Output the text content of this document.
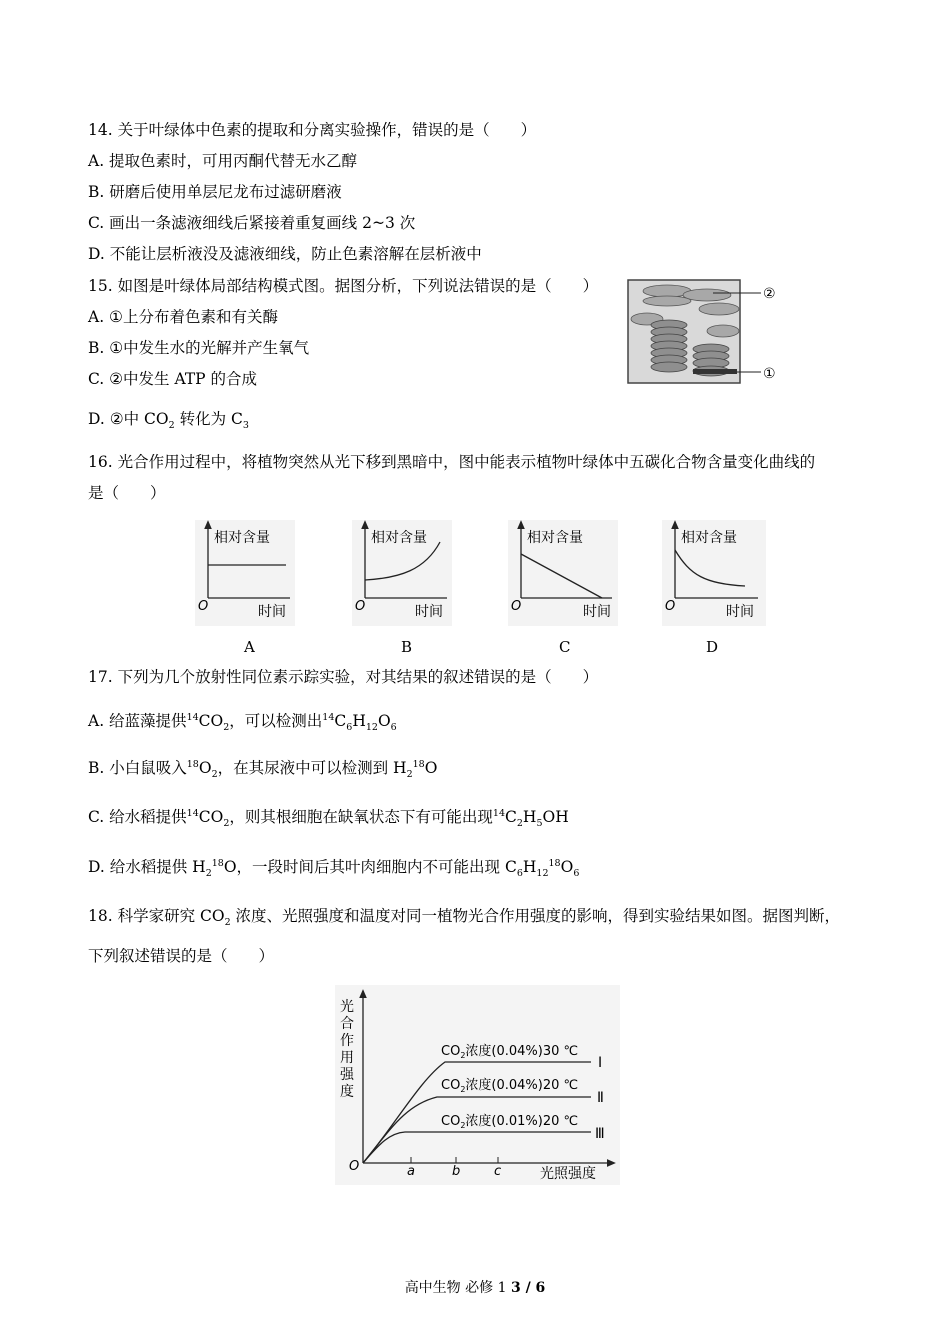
14. 关于叶绿体中色素的提取和分离实验操作，错误的是（　　）
A. 提取色素时，可用丙酮代替无水乙醇
B. 研磨后使用单层尼龙布过滤研磨液
C. 画出一条滤液细线后紧接着重复画线 2~3 次
D. 不能让层析液没及滤液细线，防止色素溶解在层析液中
15. 如图是叶绿体局部结构模式图。据图分析，下列说法错误的是（　　）
A. ①上分布着色素和有关酶
B. ①中发生水的光解并产生氧气
C. ②中发生 ATP 的合成
D. ②中 $CO_2$ 转化为 $C_3$
②
①
16. 光合作用过程中，将植物突然从光下移到黑暗中，图中能表示植物叶绿体中五碳化合物含量变化曲线的
是（　　）
相对含量
O	时间
相对含量
O	时间
相对含量
O	时间
相对含量
O	时间
A	B	C	D
17. 下列为几个放射性同位素示踪实验，对其结果的叙述错误的是（　　）
A. 给蓝藻提供$^{14}CO_2$，可以检测出$^{14}C_6H_{12}O_6$
B. 小白鼠吸入$^{18}O_2$，在其尿液中可以检测到 $H_2^{18}O$
C. 给水稻提供$^{14}CO_2$，则其根细胞在缺氧状态下有可能出现$^{14}C_2H_5OH$
D. 给水稻提供 $H_2^{18}O$，一段时间后其叶肉细胞内不可能出现 $C_6H_{12}^{18}O_6$
18. 科学家研究 $CO_2$ 浓度、光照强度和温度对同一植物光合作用强度的影响，得到实验结果如图。据图判断，
下列叙述错误的是（　　）
光
合
作
用
强
度
O	光照强度
a	b	c
$CO_2$浓度(0.04%)30 ℃
$CO_2$浓度(0.04%)20 ℃
$CO_2$浓度(0.01%)20 ℃
Ⅰ
Ⅱ
Ⅲ
高中生物 必修 1 3 / 6
